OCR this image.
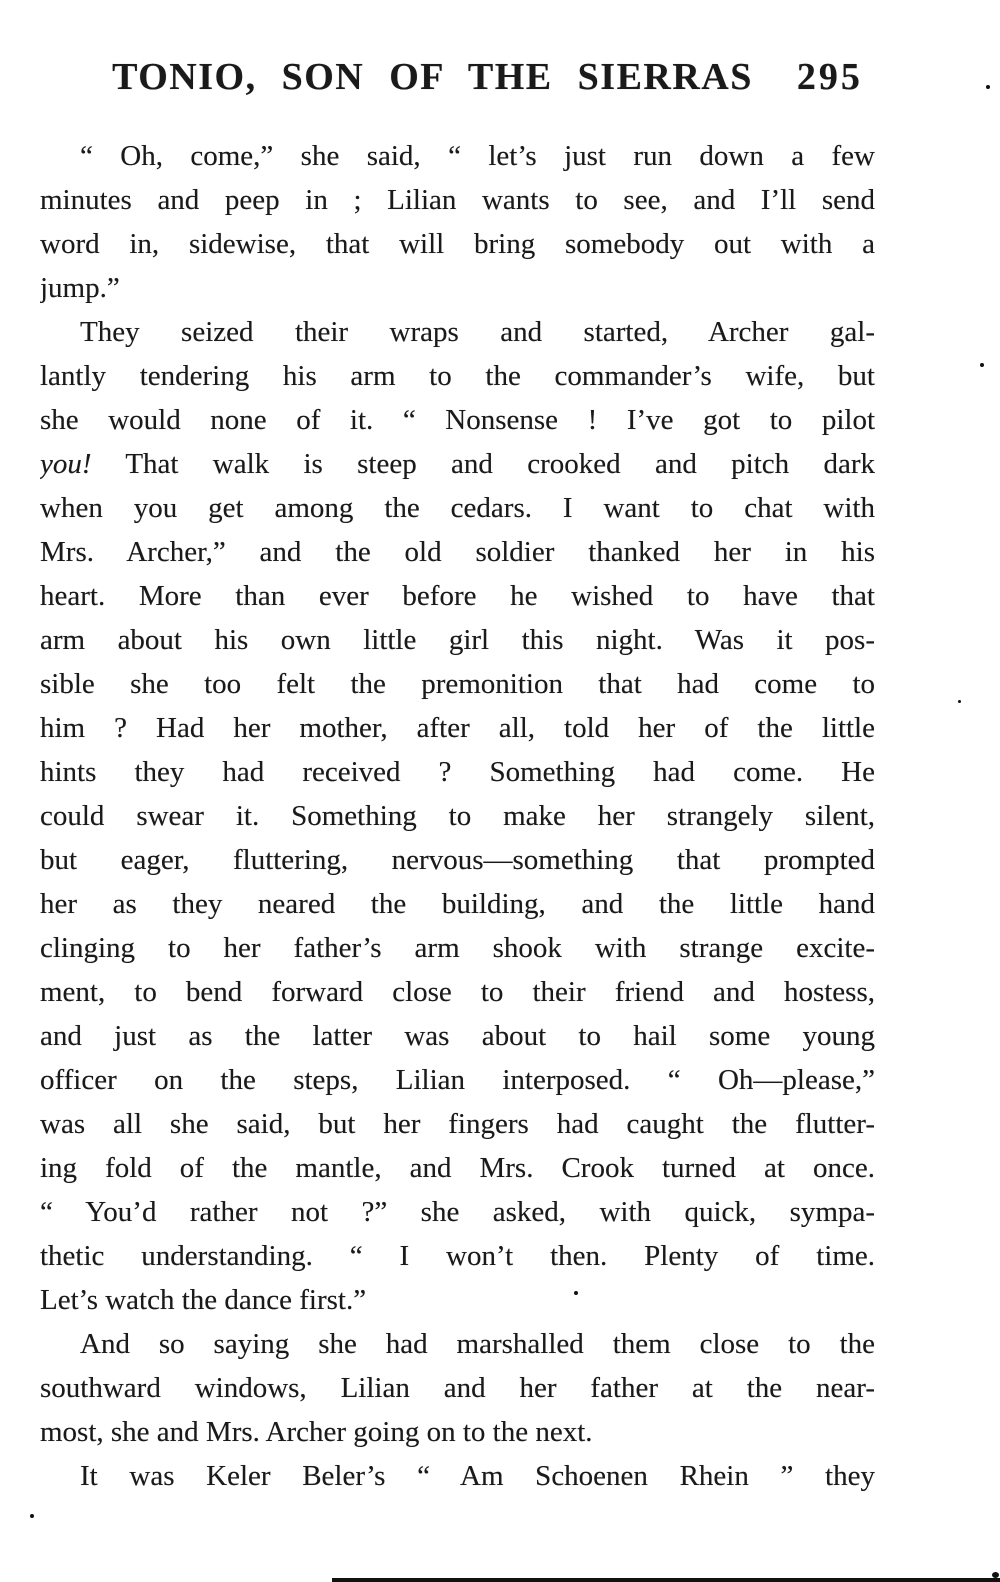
TONIO, SON OF THE SIERRAS 295
“ Oh, come,” she said, “ let’s just run down a few
minutes and peep in ; Lilian wants to see, and I’ll send
word in, sidewise, that will bring somebody out with a
jump.”
They seized their wraps and started, Archer gal-
lantly tendering his arm to the commander’s wife, but
she would none of it. “ Nonsense ! I’ve got to pilot
you! That walk is steep and crooked and pitch dark
when you get among the cedars. I want to chat with
Mrs. Archer,” and the old soldier thanked her in his
heart. More than ever before he wished to have that
arm about his own little girl this night. Was it pos-
sible she too felt the premonition that had come to
him ? Had her mother, after all, told her of the little
hints they had received ? Something had come. He
could swear it. Something to make her strangely silent,
but eager, fluttering, nervous—something that prompted
her as they neared the building, and the little hand
clinging to her father’s arm shook with strange excite-
ment, to bend forward close to their friend and hostess,
and just as the latter was about to hail some young
officer on the steps, Lilian interposed. “ Oh—please,”
was all she said, but her fingers had caught the flutter-
ing fold of the mantle, and Mrs. Crook turned at once.
“ You’d rather not ?” she asked, with quick, sympa-
thetic understanding. “ I won’t then. Plenty of time.
Let’s watch the dance first.”
And so saying she had marshalled them close to the
southward windows, Lilian and her father at the near-
most, she and Mrs. Archer going on to the next.
It was Keler Beler’s “ Am Schoenen Rhein ” they
